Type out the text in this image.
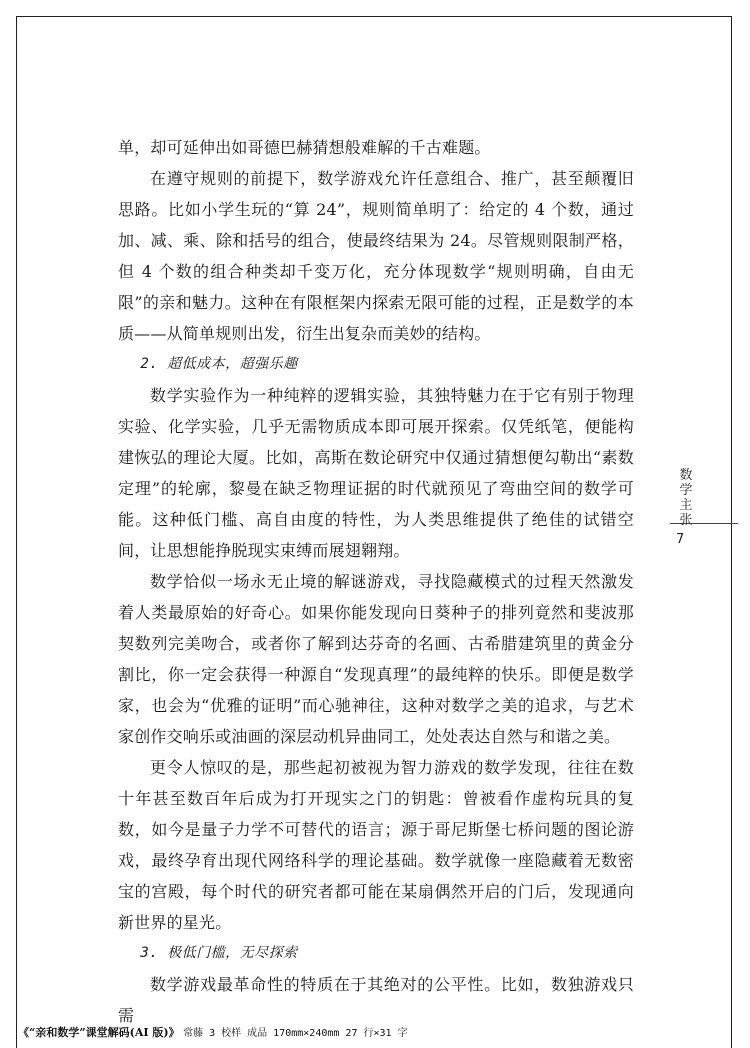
单，却可延伸出如哥德巴赫猜想般难解的千古难题。

在遵守规则的前提下，数学游戏允许任意组合、推广，甚至颠覆旧思路。比如小学生玩的“算 24”，规则简单明了：给定的 4 个数，通过加、减、乘、除和括号的组合，使最终结果为 24。尽管规则限制严格，但 4 个数的组合种类却千变万化，充分体现数学“规则明确，自由无限”的亲和魅力。这种在有限框架内探索无限可能的过程，正是数学的本质——从简单规则出发，衍生出复杂而美妙的结构。

2. 超低成本，超强乐趣

数学实验作为一种纯粹的逻辑实验，其独特魅力在于它有别于物理实验、化学实验，几乎无需物质成本即可展开探索。仅凭纸笔，便能构建恢弘的理论大厦。比如，高斯在数论研究中仅通过猜想便勾勒出“素数定理”的轮廓，黎曼在缺乏物理证据的时代就预见了弯曲空间的数学可能。这种低门槛、高自由度的特性，为人类思维提供了绝佳的试错空间，让思想能挣脱现实束缚而展翅翱翔。

数学恰似一场永无止境的解谜游戏，寻找隐藏模式的过程天然激发着人类最原始的好奇心。如果你能发现向日葵种子的排列竟然和斐波那契数列完美吻合，或者你了解到达芬奇的名画、古希腊建筑里的黄金分割比，你一定会获得一种源自“发现真理”的最纯粹的快乐。即便是数学家，也会为“优雅的证明”而心驰神往，这种对数学之美的追求，与艺术家创作交响乐或油画的深层动机异曲同工，处处表达自然与和谐之美。

更令人惊叹的是，那些起初被视为智力游戏的数学发现，往往在数十年甚至数百年后成为打开现实之门的钥匙：曾被看作虚构玩具的复数，如今是量子力学不可替代的语言；源于哥尼斯堡七桥问题的图论游戏，最终孕育出现代网络科学的理论基础。数学就像一座隐藏着无数密宝的宫殿，每个时代的研究者都可能在某扇偶然开启的门后，发现通向新世界的星光。

3. 极低门槛，无尽探索

数学游戏最革命性的特质在于其绝对的公平性。比如，数独游戏只需

数学主张
7
《“亲和数学”课堂解码(AI 版)》 常藤 3 校样 成品 170mm×240mm 27 行×31 字
